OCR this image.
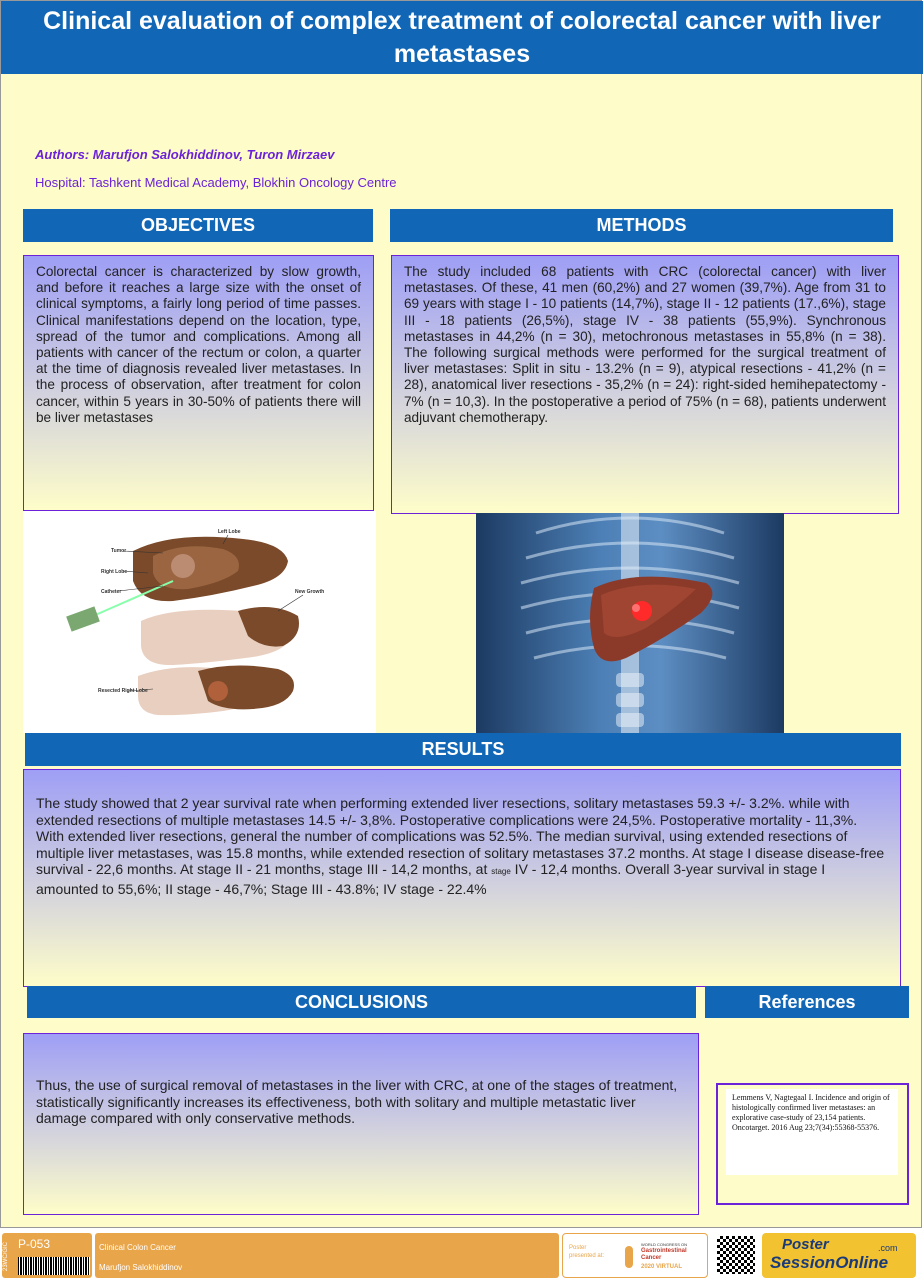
Clinical evaluation of complex treatment of colorectal cancer with liver metastases
Authors: Marufjon Salokhiddinov, Turon Mirzaev
Hospital: Tashkent Medical Academy, Blokhin Oncology Centre
OBJECTIVES
Colorectal cancer is characterized by slow growth, and before it reaches a large size with the onset of clinical symptoms, a fairly long period of time passes. Clinical manifestations depend on the location, type, spread of the tumor and complications. Among all patients with cancer of the rectum or colon, a quarter at the time of diagnosis revealed liver metastases. In the process of observation, after treatment for colon cancer, within 5 years in 30-50% of patients there will be liver metastases
METHODS
The study included 68 patients with CRC (colorectal cancer) with liver metastases. Of these, 41 men (60,2%) and 27 women (39,7%). Age from 31 to 69 years with stage I - 10 patients (14,7%), stage II - 12 patients (17.,6%), stage III - 18 patients (26,5%), stage IV - 38 patients (55,9%). Synchronous metastases in 44,2% (n = 30), metochronous metastases in 55,8% (n = 38). The following surgical methods were performed for the surgical treatment of liver metastases: Split in situ - 13.2% (n = 9), atypical resections - 41,2% (n = 28), anatomical liver resections - 35,2% (n = 24): right-sided hemihepatectomy - 7% (n = 10,3). In the postoperative a period of 75% (n = 68), patients underwent adjuvant chemotherapy.
Tumor
Right Lobe
Catheter
Left Lobe
New Growth
Resected Right Lobe
RESULTS
The study showed that 2 year survival rate when performing extended liver resections, solitary metastases 59.3 +/- 3.2%. while with extended resections of multiple metastases 14.5 +/- 3,8%. Postoperative complications were 24,5%. Postoperative mortality - 11,3%. With extended liver resections, general the number of complications was 52.5%. The median survival, using extended resections of multiple liver metastases, was 15.8 months, while extended resection of solitary metastases 37.2 months. At stage I disease disease-free survival - 22,6 months. At stage II - 21 months, stage III - 14,2 months, at stage IV - 12,4 months. Overall 3-year survival in stage I amounted to 55,6%; II stage - 46,7%; Stage III - 43.8%; IV stage - 22.4%
CONCLUSIONS
Thus, the use of surgical removal of metastases in the liver with CRC, at one of the stages of treatment, statistically significantly increases its effectiveness, both with solitary and multiple metastatic liver damage compared with only conservative methods.
References
Lemmens V, Nagtegaal I. Incidence and origin of histologically confirmed liver metastases: an explorative case-study of 23,154 patients. Oncotarget. 2016 Aug 23;7(34):55368-55376.
23WC/GIC P-053	Clinical Colon Cancer
Marufjon Salokhiddinov
Poster presented at:
WORLD CONGRESS ON
Gastrointestinal
Cancer
2020 VIRTUAL
Poster
SessionOnline
.com
